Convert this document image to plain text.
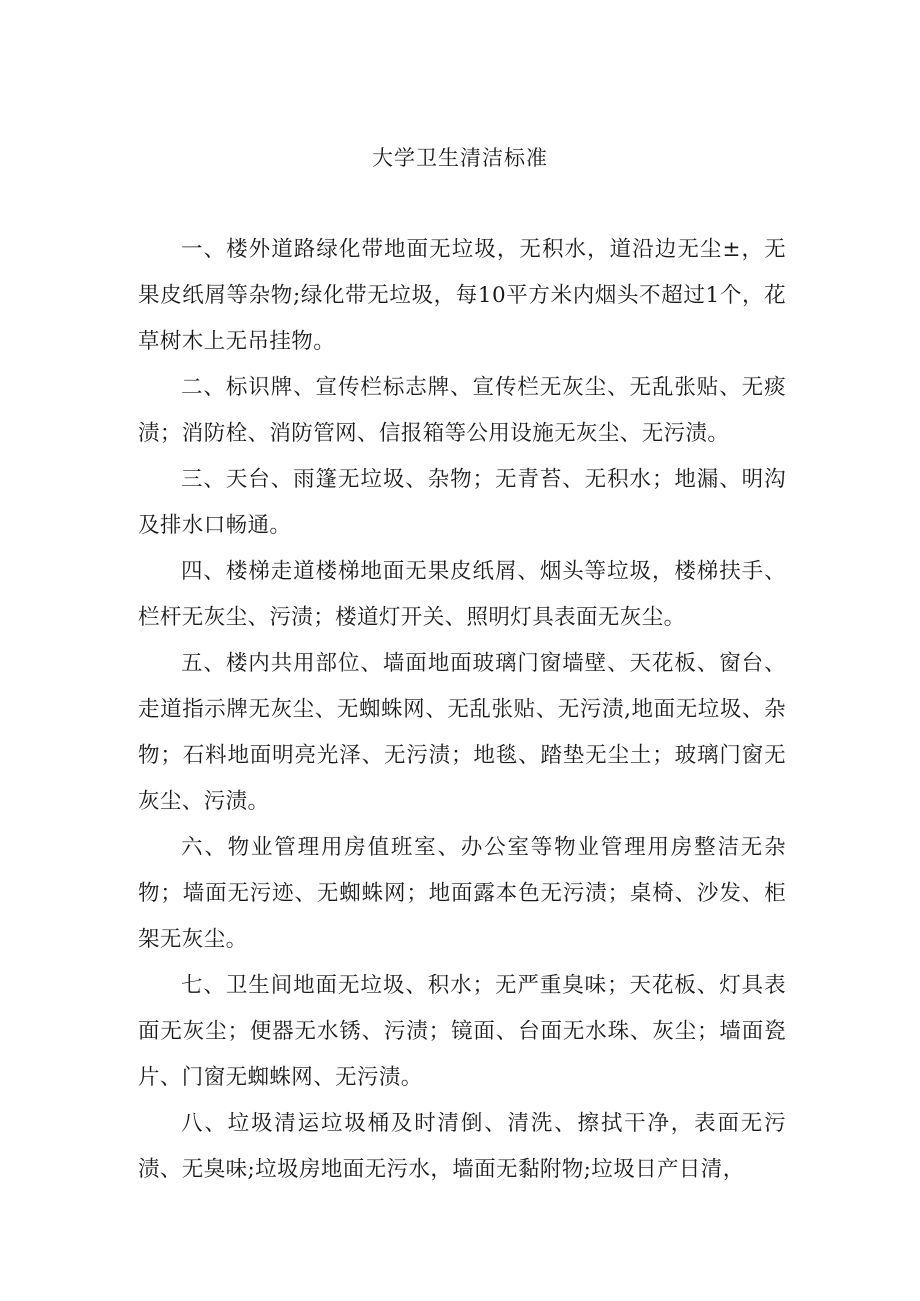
大学卫生清洁标准

一、楼外道路绿化带地面无垃圾，无积水，道沿边无尘±，无果皮纸屑等杂物;绿化带无垃圾，每10平方米内烟头不超过1个，花草树木上无吊挂物。

二、标识牌、宣传栏标志牌、宣传栏无灰尘、无乱张贴、无痰渍；消防栓、消防管网、信报箱等公用设施无灰尘、无污渍。

三、天台、雨篷无垃圾、杂物；无青苔、无积水；地漏、明沟及排水口畅通。

四、楼梯走道楼梯地面无果皮纸屑、烟头等垃圾，楼梯扶手、栏杆无灰尘、污渍；楼道灯开关、照明灯具表面无灰尘。

五、楼内共用部位、墙面地面玻璃门窗墙壁、天花板、窗台、走道指示牌无灰尘、无蜘蛛网、无乱张贴、无污渍,地面无垃圾、杂物；石料地面明亮光泽、无污渍；地毯、踏垫无尘土；玻璃门窗无灰尘、污渍。

六、物业管理用房值班室、办公室等物业管理用房整洁无杂物；墙面无污迹、无蜘蛛网；地面露本色无污渍；桌椅、沙发、柜架无灰尘。

七、卫生间地面无垃圾、积水；无严重臭味；天花板、灯具表面无灰尘；便器无水锈、污渍；镜面、台面无水珠、灰尘；墙面瓷片、门窗无蜘蛛网、无污渍。

八、垃圾清运垃圾桶及时清倒、清洗、擦拭干净，表面无污渍、无臭味;垃圾房地面无污水，墙面无黏附物;垃圾日产日清，
